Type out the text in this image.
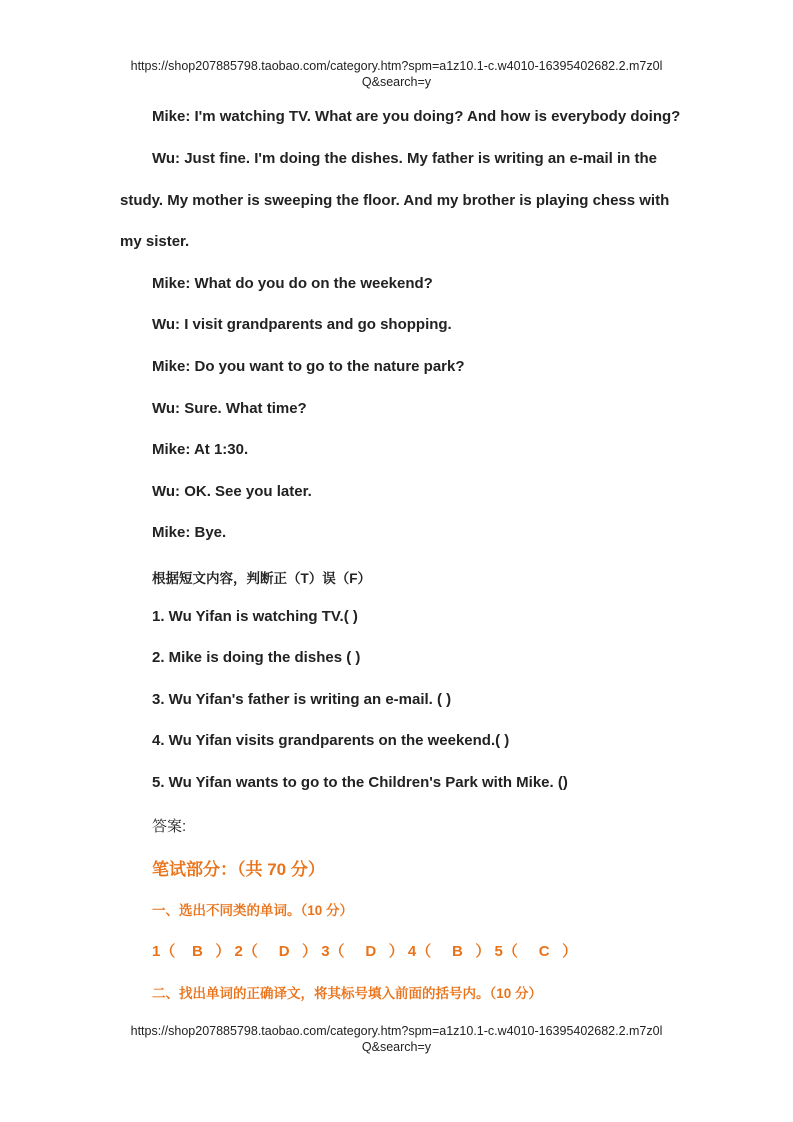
https://shop207885798.taobao.com/category.htm?spm=a1z10.1-c.w4010-16395402682.2.m7z0l
Q&search=y
Mike: I'm watching TV. What are you doing? And how is everybody doing?
Wu: Just fine. I'm doing the dishes. My father is writing an e-mail in the
study. My mother is sweeping the floor. And my brother is playing chess with
my sister.
Mike: What do you do on the weekend?
Wu: I visit grandparents and go shopping.
Mike: Do you want to go to the nature park?
Wu: Sure. What time?
Mike: At 1:30.
Wu: OK. See you later.
Mike: Bye.
根据短文内容，判断正（T）误（F）
1. Wu Yifan is watching TV.( )
2. Mike is doing the dishes ( )
3. Wu Yifan's father is writing an e-mail. ( )
4. Wu Yifan visits grandparents on the weekend.( )
5. Wu Yifan wants to go to the Children's Park with Mike. ()
答案:
笔试部分：（共 70 分）
一、选出不同类的单词。（10 分）
1（    B   ） 2（     D   ） 3（     D   ） 4（     B   ） 5（     C   ）
二、找出单词的正确译文，将其标号填入前面的括号内。（10 分）
https://shop207885798.taobao.com/category.htm?spm=a1z10.1-c.w4010-16395402682.2.m7z0l
Q&search=y
